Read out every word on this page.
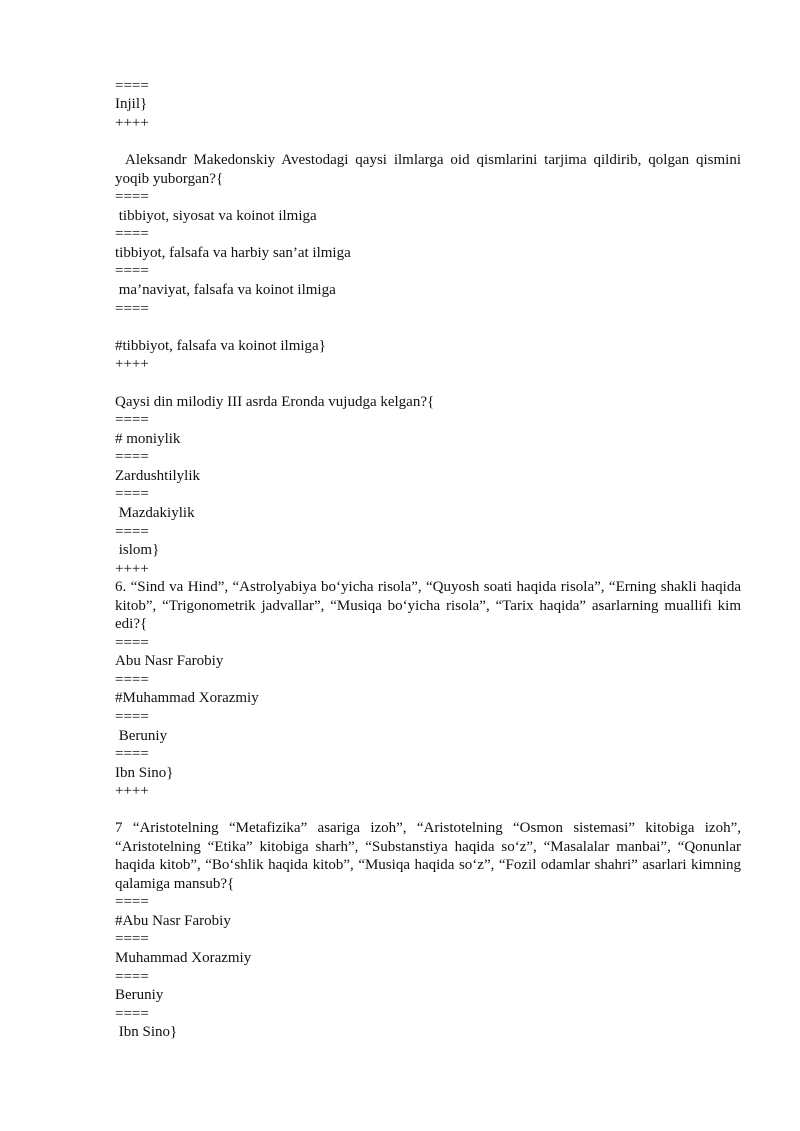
====
Injil}
++++
Aleksandr Makedonskiy Avestodagi qaysi ilmlarga oid qismlarini tarjima qildirib, qolgan qismini yoqib yuborgan?{
====
tibbiyot, siyosat va koinot ilmiga
====
tibbiyot, falsafa va harbiy san’at ilmiga
====
ma’naviyat, falsafa va koinot ilmiga
====
#tibbiyot, falsafa va koinot ilmiga}
++++
Qaysi din milodiy III asrda Eronda vujudga kelgan?{
====
# moniylik
====
Zardushtilylik
====
Mazdakiylik
====
islom}
++++
6. “Sind va Hind”, “Astrolyabiya bo‘yicha risola”, “Quyosh soati haqida risola”, “Erning shakli haqida kitob”, “Trigonometrik jadvallar”, “Musiqa bo‘yicha risola”, “Tarix haqida” asarlarning muallifi kim edi?{
====
Abu Nasr Farobiy
====
#Muhammad Xorazmiy
====
Beruniy
====
Ibn Sino}
++++
7 “Aristotelning “Metafizika” asariga izoh”, “Aristotelning “Osmon sistemasi” kitobiga izoh”, “Aristotelning “Etika” kitobiga sharh”, “Substanstiya haqida so‘z”, “Masalalar manbai”, “Qonunlar haqida kitob”, “Bo‘shlik haqida kitob”, “Musiqa haqida so‘z”, “Fozil odamlar shahri” asarlari kimning qalamiga mansub?{
====
#Abu Nasr Farobiy
====
Muhammad Xorazmiy
====
Beruniy
====
Ibn Sino}
